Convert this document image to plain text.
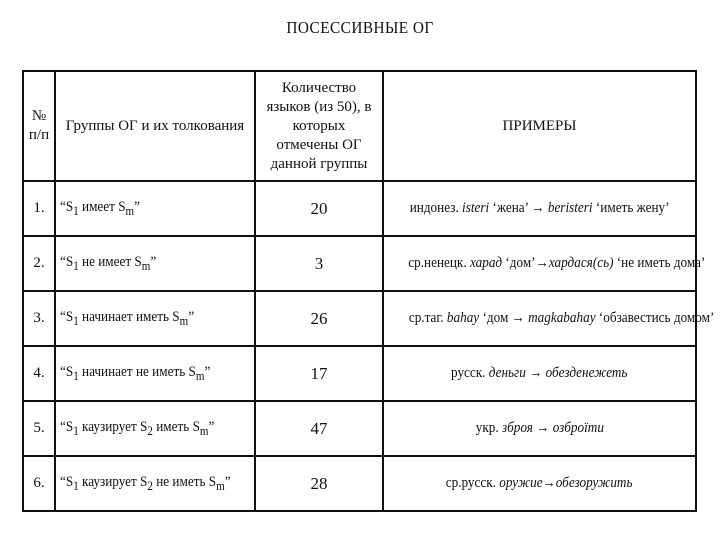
ПОСЕССИВНЫЕ ОГ
№ п/п	Группы ОГ и их толкования	Количество языков (из 50), в которых отмечены ОГ данной группы	ПРИМЕРЫ
1.	“$S_1$ имеет $S_m$”	20	индонез. isteri ‘жена’ → beristeri ‘иметь жену’
2.	“$S_1$ не имеет $S_m$”	3	ср.ненецк. харад ‘дом’→хардася(сь) ‘не иметь дома’
3.	“$S_1$ начинает иметь $S_m$”	26	ср.таг. bahay ‘дом → magkabahay ‘обзавестись домом’
4.	“$S_1$ начинает не иметь $S_m$”	17	русск. деньги → обезденежеть
5.	“$S_1$ каузирует $S_2$ иметь $S_m$”	47	укр. зброя → озброїти
6.	“$S_1$ каузирует $S_2$ не иметь $S_m$”	28	ср.русск. оружие→обезоружить
